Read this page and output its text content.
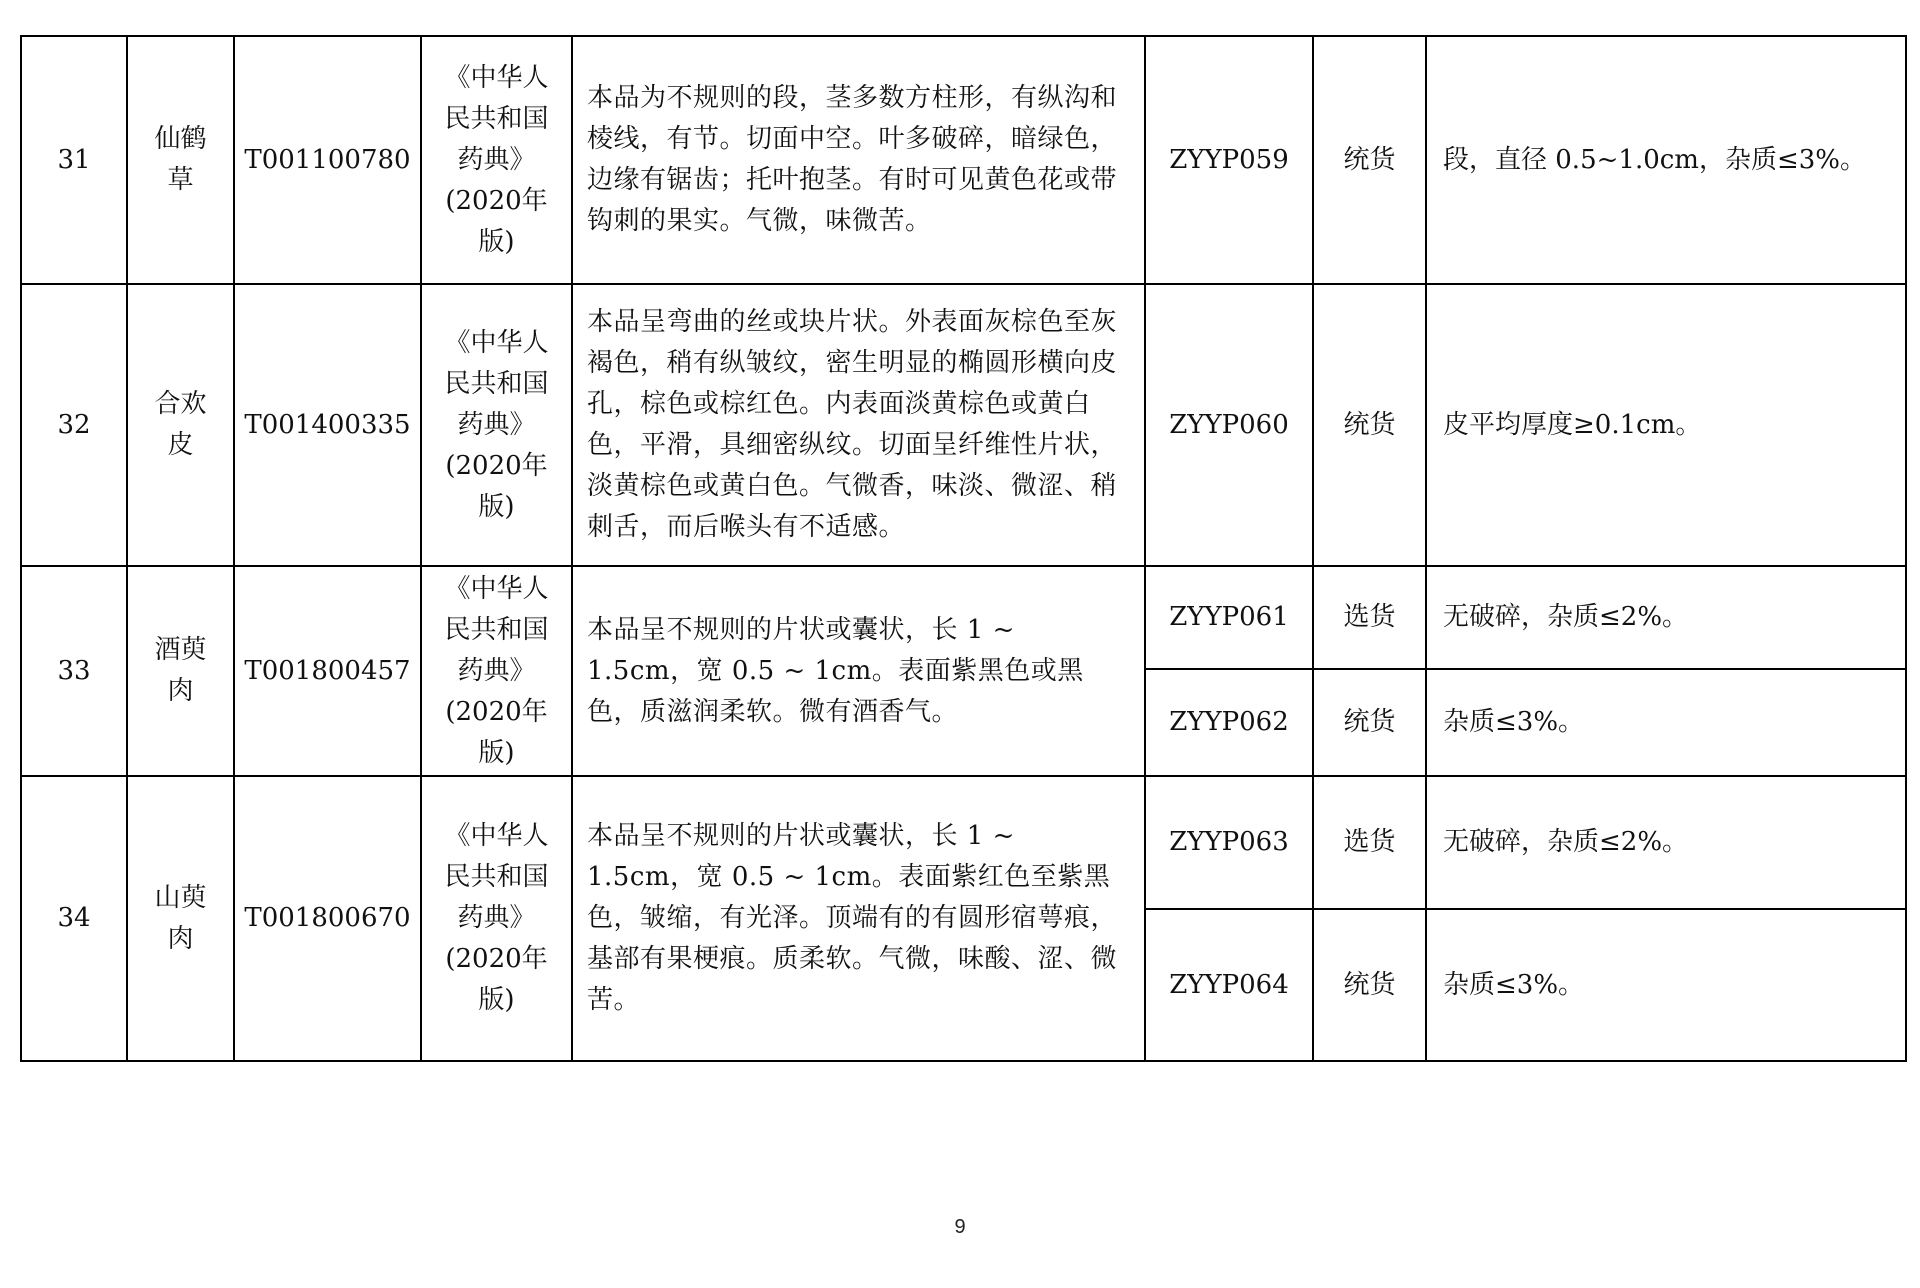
31	仙鹤草	T001100780	《中华人民共和国药典》(2020年版)	本品为不规则的段，茎多数方柱形，有纵沟和棱线，有节。切面中空。叶多破碎，暗绿色，边缘有锯齿；托叶抱茎。有时可见黄色花或带钩刺的果实。气微，味微苦。	ZYYP059	统货	段，直径 0.5~1.0cm，杂质≤3%。
32	合欢皮	T001400335	《中华人民共和国药典》(2020年版)	本品呈弯曲的丝或块片状。外表面灰棕色至灰褐色，稍有纵皱纹，密生明显的椭圆形横向皮孔，棕色或棕红色。内表面淡黄棕色或黄白色，平滑，具细密纵纹。切面呈纤维性片状，淡黄棕色或黄白色。气微香，味淡、微涩、稍刺舌，而后喉头有不适感。	ZYYP060	统货	皮平均厚度≥0.1cm。
33	酒萸肉	T001800457	《中华人民共和国药典》(2020年版)	本品呈不规则的片状或囊状，长 1 ~ 1.5cm，宽 0.5 ~ 1cm。表面紫黑色或黑色，质滋润柔软。微有酒香气。	ZYYP061	选货	无破碎，杂质≤2%。
					ZYYP062	统货	杂质≤3%。
34	山萸肉	T001800670	《中华人民共和国药典》(2020年版)	本品呈不规则的片状或囊状，长 1 ~ 1.5cm，宽 0.5 ~ 1cm。表面紫红色至紫黑色，皱缩，有光泽。顶端有的有圆形宿萼痕，基部有果梗痕。质柔软。气微，味酸、涩、微苦。	ZYYP063	选货	无破碎，杂质≤2%。
					ZYYP064	统货	杂质≤3%。
9
